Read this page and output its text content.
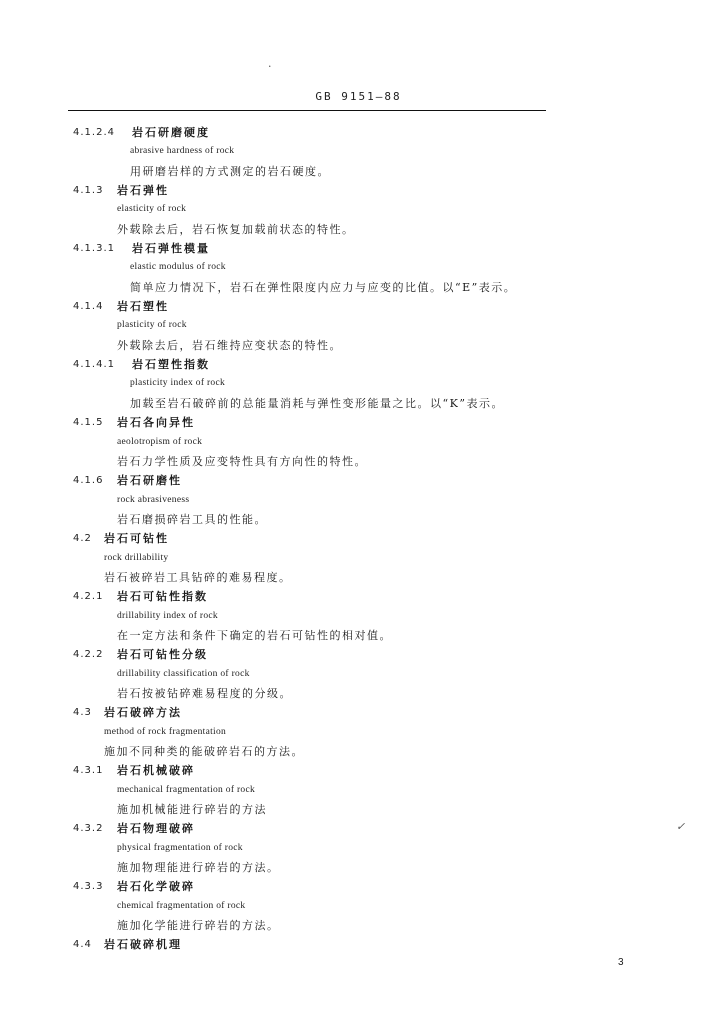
GB 9151—88
4.1.2.4 岩石研磨硬度
abrasive hardness of rock
用研磨岩样的方式测定的岩石硬度。
4.1.3 岩石弹性
elasticity of rock
外载除去后，岩石恢复加载前状态的特性。
4.1.3.1 岩石弹性模量
elastic modulus of rock
简单应力情况下，岩石在弹性限度内应力与应变的比值。以“E”表示。
4.1.4 岩石塑性
plasticity of rock
外载除去后，岩石维持应变状态的特性。
4.1.4.1 岩石塑性指数
plasticity index of rock
加载至岩石破碎前的总能量消耗与弹性变形能量之比。以“K”表示。
4.1.5 岩石各向异性
aeolotropism of rock
岩石力学性质及应变特性具有方向性的特性。
4.1.6 岩石研磨性
rock abrasiveness
岩石磨损碎岩工具的性能。
4.2 岩石可钻性
rock drillability
岩石被碎岩工具钻碎的难易程度。
4.2.1 岩石可钻性指数
drillability index of rock
在一定方法和条件下确定的岩石可钻性的相对值。
4.2.2 岩石可钻性分级
drillability classification of rock
岩石按被钻碎难易程度的分级。
4.3 岩石破碎方法
method of rock fragmentation
施加不同种类的能破碎岩石的方法。
4.3.1 岩石机械破碎
mechanical fragmentation of rock
施加机械能进行碎岩的方法
4.3.2 岩石物理破碎
physical fragmentation of rock
施加物理能进行碎岩的方法。
4.3.3 岩石化学破碎
chemical fragmentation of rock
施加化学能进行碎岩的方法。
4.4 岩石破碎机理
·
✓
3
